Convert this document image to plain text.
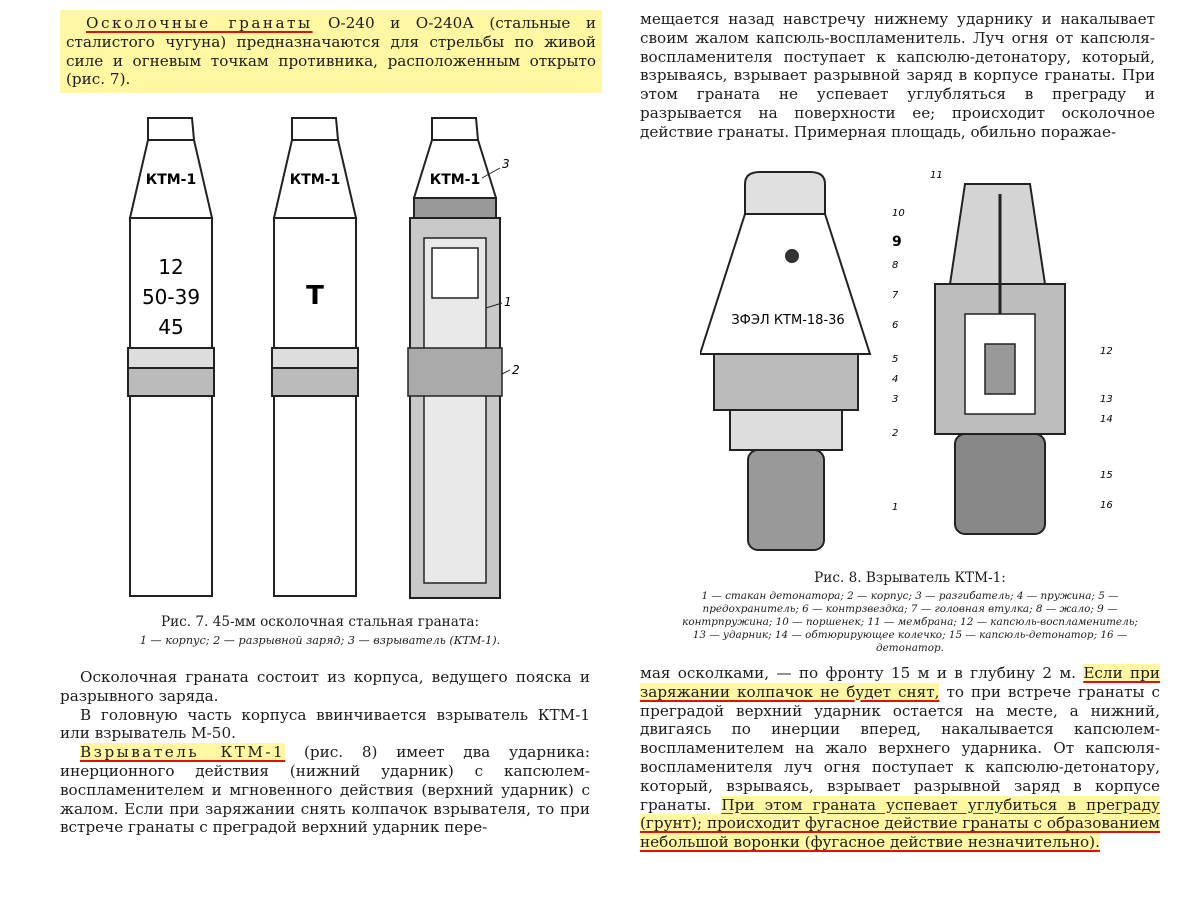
Осколочные гранаты О-240 и О-240А (стальные и сталистого чугуна) предназначаются для стрельбы по живой силе и огневым точкам противника, расположенным открыто (рис. 7).

КТМ-1
12
50-39
45
КТМ-1
Т
КТМ-1
3
1
2

Рис. 7. 45-мм осколочная стальная граната:

1 — корпус; 2 — разрывной заряд; 3 — взрыватель (КТМ-1).

Осколочная граната состоит из корпуса, ведущего пояска и разрывного заряда.

В головную часть корпуса ввинчивается взрыватель КТМ-1 или взрыватель М-50.

Взрыватель КТМ-1 (рис. 8) имеет два ударника: инерционного действия (нижний ударник) с капсюлем-воспламенителем и мгновенного действия (верхний ударник) с жалом. Если при заряжании снять колпачок взрывателя, то при встрече гранаты с преградой верхний ударник пере-

мещается назад навстречу нижнему ударнику и накалывает своим жалом капсюль-воспламенитель. Луч огня от капсюля-воспламенителя поступает к капсюлю-детонатору, который, взрываясь, взрывает разрывной заряд в корпусе гранаты. При этом граната не успевает углубляться в преграду и разрывается на поверхности ее; происходит осколочное действие гранаты. Примерная площадь, обильно поражае-

ЗФЭЛ КТМ-18-36
11
10
9
8
7
6
5
4
3
2
1
12
13
14
15
16

Рис. 8. Взрыватель КТМ-1:

1 — стакан детонатора; 2 — корпус; 3 — разгибатель; 4 — пружина; 5 — предохранитель; 6 — контрзвездка; 7 — головная втулка; 8 — жало; 9 — контрпружина; 10 — поршенек; 11 — мембрана; 12 — капсюль-воспламенитель; 13 — ударник; 14 — обтюрирующее колечко; 15 — капсюль-детонатор; 16 — детонатор.

мая осколками, — по фронту 15 м и в глубину 2 м. Если при заряжании колпачок не будет снят, то при встрече гранаты с преградой верхний ударник остается на месте, а нижний, двигаясь по инерции вперед, накалывается капсюлем-воспламенителем на жало верхнего ударника. От капсюля-воспламенителя луч огня поступает к капсюлю-детонатору, который, взрываясь, взрывает разрывной заряд в корпусе гранаты. При этом граната успевает углубиться в преграду (грунт); происходит фугасное действие гранаты с образованием небольшой воронки (фугасное действие незначительно).
